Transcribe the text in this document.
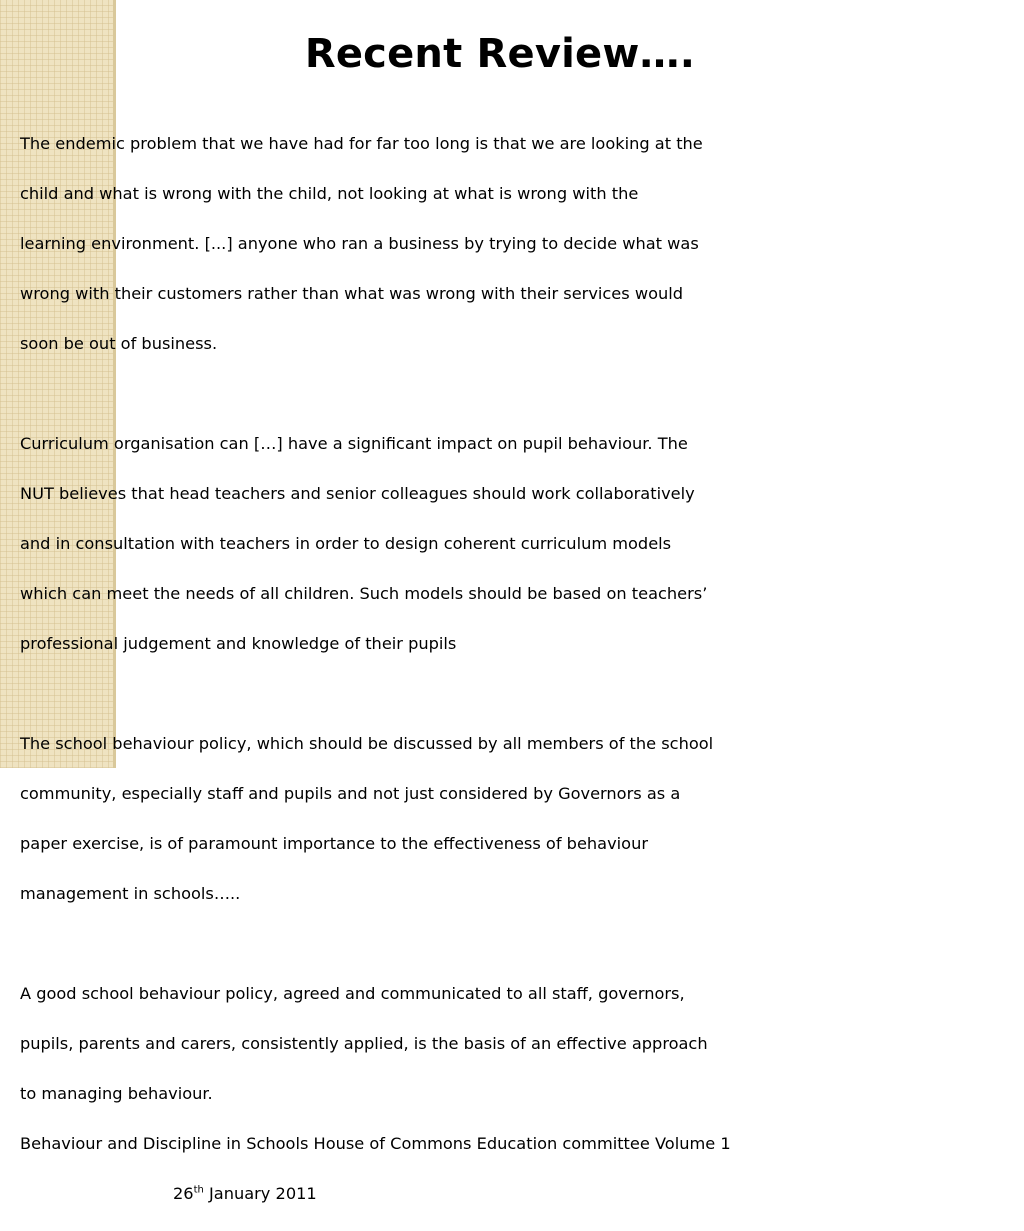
Recent Review….

The endemic problem that we have had for far too long is that we are looking at the

child and what is wrong with the child, not looking at what is wrong with the

learning environment. [...] anyone who ran a business by trying to decide what was

wrong with their customers rather than what was wrong with their services would

soon be out of business.

Curriculum organisation can […] have a significant impact on pupil behaviour. The

NUT believes that head teachers and senior colleagues should work collaboratively

and in consultation with teachers in order to design coherent curriculum models

which can meet the needs of all children. Such models should be based on teachers’

professional judgement and knowledge of their pupils

The school behaviour policy, which should be discussed by all members of the school

community, especially staff and pupils and not just considered by Governors as a

paper exercise, is of paramount importance to the effectiveness of behaviour

management in schools…..

A good school behaviour policy, agreed and communicated to all staff, governors,

pupils, parents and carers, consistently applied, is the basis of an effective approach

to managing behaviour.

Behaviour and Discipline in Schools House of Commons Education committee Volume 1

26th January 2011
